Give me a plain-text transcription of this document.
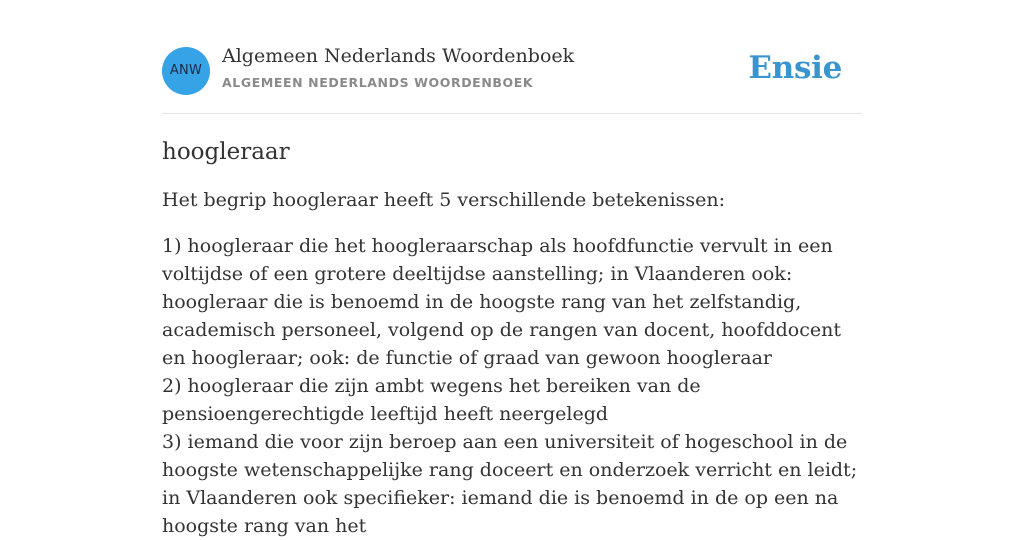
ANW
Algemeen Nederlands Woordenboek
ALGEMEEN NEDERLANDS WOORDENBOEK	Ensie
hoogleraar

Het begrip hoogleraar heeft 5 verschillende betekenissen:

1) hoogleraar die het hoogleraarschap als hoofdfunctie vervult in een voltijdse of een grotere deeltijdse aanstelling; in Vlaanderen ook: hoogleraar die is benoemd in de hoogste rang van het zelfstandig, academisch personeel, volgend op de rangen van docent, hoofddocent en hoogleraar; ook: de functie of graad van gewoon hoogleraar
2) hoogleraar die zijn ambt wegens het bereiken van de pensioengerechtigde leeftijd heeft neergelegd
3) iemand die voor zijn beroep aan een universiteit of hogeschool in de hoogste wetenschappelijke rang doceert en onderzoek verricht en leidt; in Vlaanderen ook specifieker: iemand die is benoemd in de op een na hoogste rang van het
